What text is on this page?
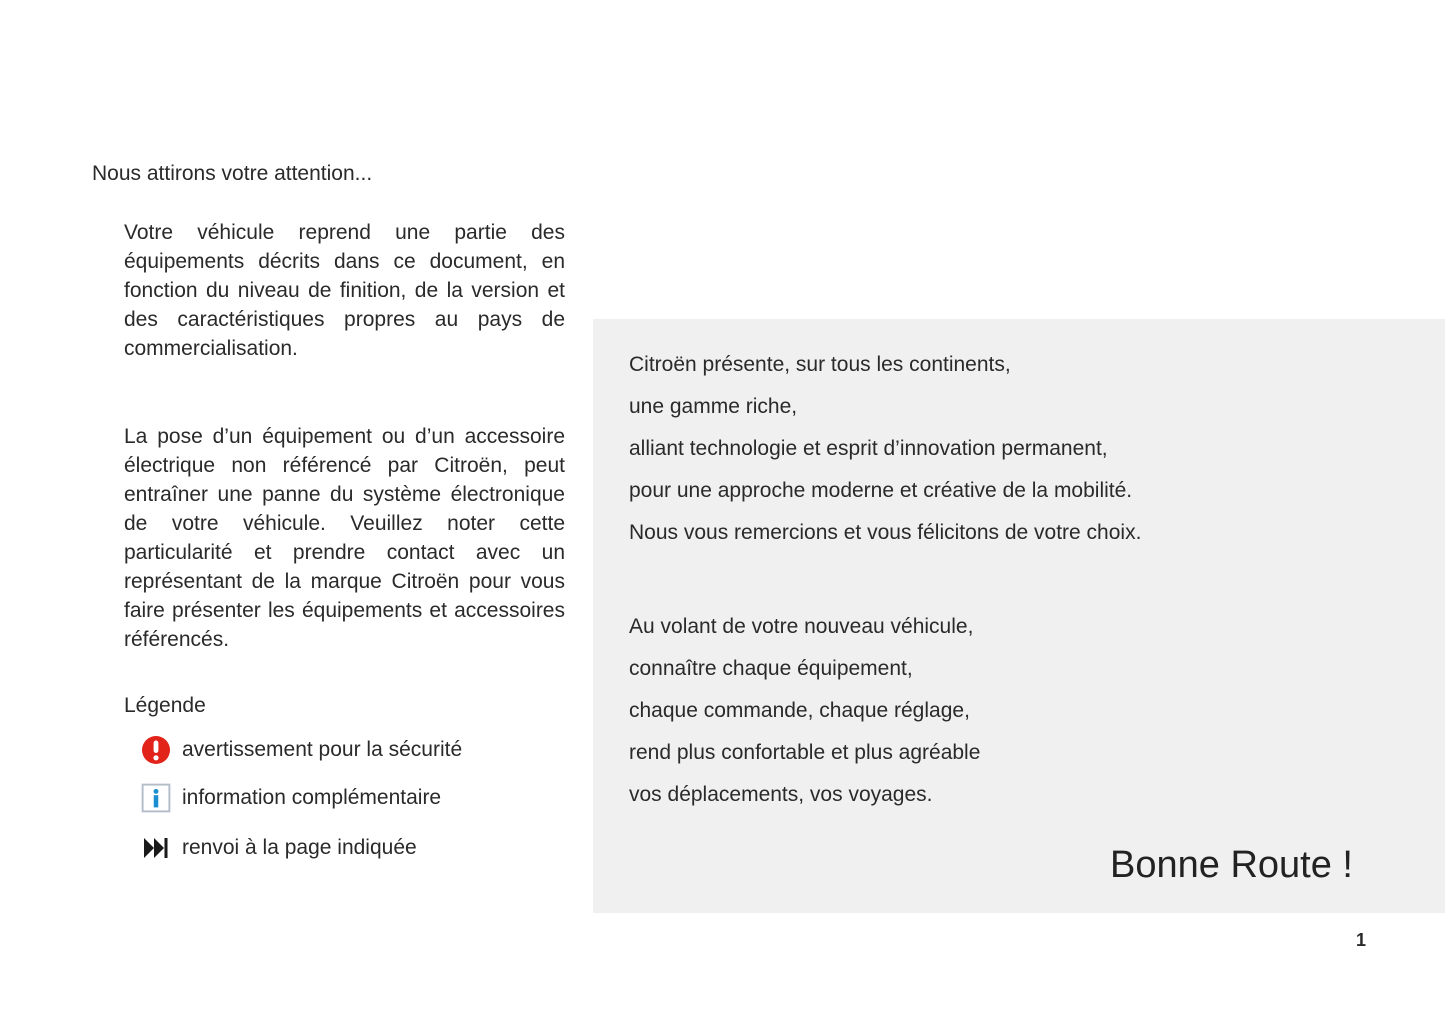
Nous attirons votre attention...

Votre véhicule reprend une partie des équipements décrits dans ce document, en fonction du niveau de finition, de la version et des caractéristiques propres au pays de commercialisation.

La pose d’un équipement ou d’un accessoire électrique non référencé par Citroën, peut entraîner une panne du système électronique de votre véhicule. Veuillez noter cette particularité et prendre contact avec un représentant de la marque Citroën pour vous faire présenter les équipements et accessoires référencés.

Légende

avertissement pour la sécurité
information complémentaire
renvoi à la page indiquée

Citroën présente, sur tous les continents,

une gamme riche,

alliant technologie et esprit d’innovation permanent,

pour une approche moderne et créative de la mobilité.

Nous vous remercions et vous félicitons de votre choix.

Au volant de votre nouveau véhicule,

connaître chaque équipement,

chaque commande, chaque réglage,

rend plus confortable et plus agréable

vos déplacements, vos voyages.

Bonne Route !

1
